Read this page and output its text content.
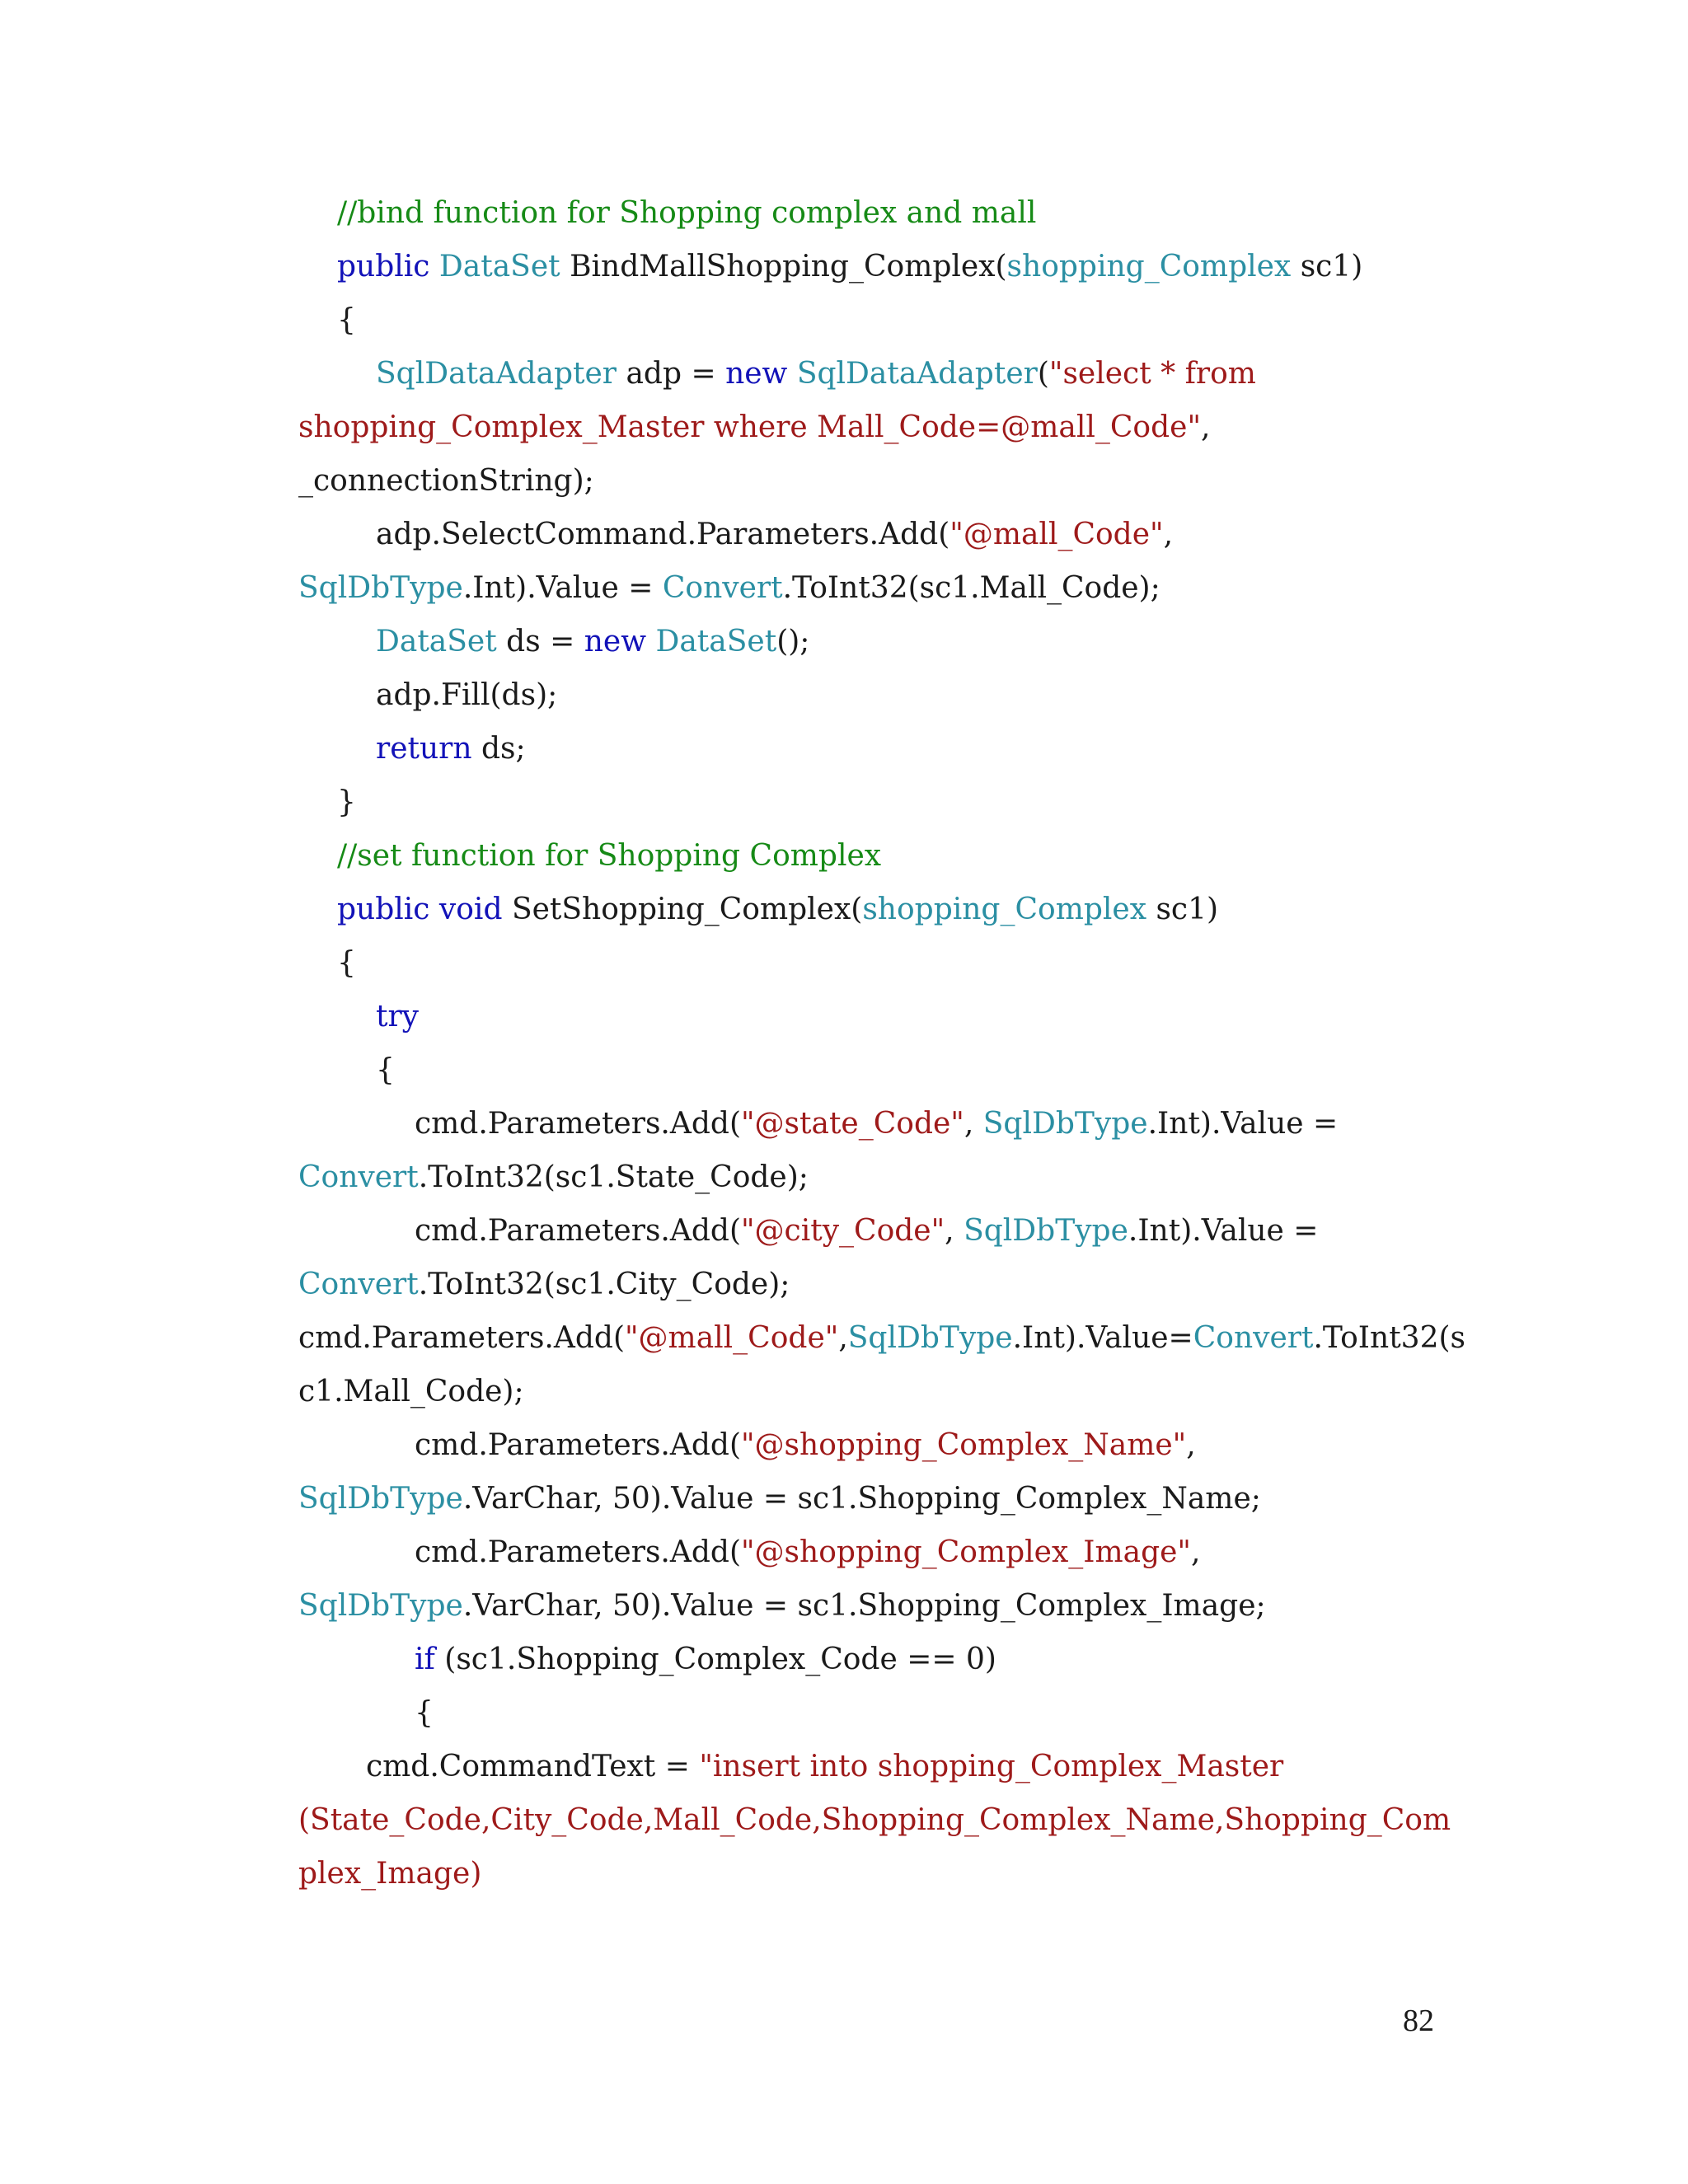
//bind function for Shopping complex and mall
public DataSet BindMallShopping_Complex(shopping_Complex sc1)
{
SqlDataAdapter adp = new SqlDataAdapter("select * from
shopping_Complex_Master where Mall_Code=@mall_Code",
_connectionString);
adp.SelectCommand.Parameters.Add("@mall_Code",
SqlDbType.Int).Value = Convert.ToInt32(sc1.Mall_Code);
DataSet ds = new DataSet();
adp.Fill(ds);
return ds;
}
//set function for Shopping Complex
public void SetShopping_Complex(shopping_Complex sc1)
{
try
{
cmd.Parameters.Add("@state_Code", SqlDbType.Int).Value =
Convert.ToInt32(sc1.State_Code);
cmd.Parameters.Add("@city_Code", SqlDbType.Int).Value =
Convert.ToInt32(sc1.City_Code);
cmd.Parameters.Add("@mall_Code",SqlDbType.Int).Value=Convert.ToInt32(s
c1.Mall_Code);
cmd.Parameters.Add("@shopping_Complex_Name",
SqlDbType.VarChar, 50).Value = sc1.Shopping_Complex_Name;
cmd.Parameters.Add("@shopping_Complex_Image",
SqlDbType.VarChar, 50).Value = sc1.Shopping_Complex_Image;
if (sc1.Shopping_Complex_Code == 0)
{
cmd.CommandText = "insert into shopping_Complex_Master
(State_Code,City_Code,Mall_Code,Shopping_Complex_Name,Shopping_Com
plex_Image)
82
